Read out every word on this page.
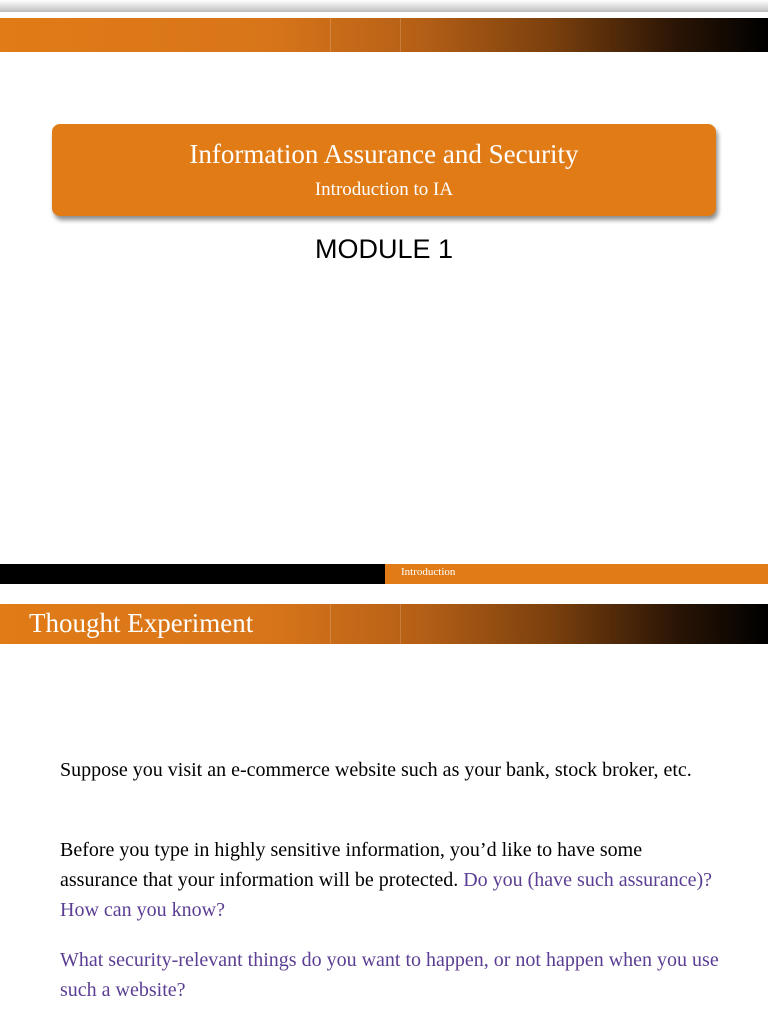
Information Assurance and Security
Introduction to IA
MODULE 1
Introduction
Thought Experiment
Suppose you visit an e-commerce website such as your bank, stock broker, etc.
Before you type in highly sensitive information, you’d like to have some assurance that your information will be protected. Do you (have such assurance)? How can you know?
What security-relevant things do you want to happen, or not happen when you use such a website?
